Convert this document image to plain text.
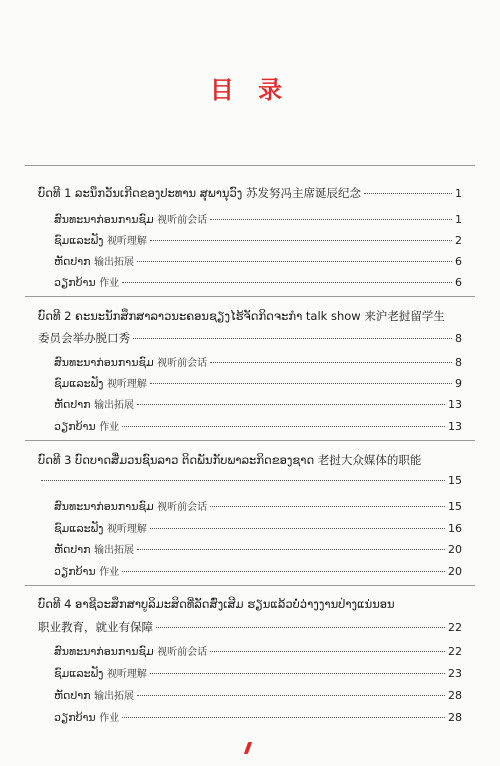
目 录
ບົດທີ 1 ລະນຶກວັນເກີດຂອງປະທານ ສຸພານຸວົງ 苏发努冯主席诞辰纪念	1
ສົນທະນາກ່ອນການຊົມ 视听前会话	1
ຊົມແລະຟັງ 视听理解	2
ຫັດປາກ 输出拓展	6
ວຽກບ້ານ 作业	6
ບົດທີ 2 ຄະນະນັກສຶກສາລາວນະຄອນຊຽງໄຮ້ຈັດກິດຈະກຳ talk show 来沪老挝留学生
委员会举办脱口秀	8
ສົນທະນາກ່ອນການຊົມ 视听前会话	8
ຊົມແລະຟັງ 视听理解	9
ຫັດປາກ 输出拓展	13
ວຽກບ້ານ 作业	13
ບົດທີ 3 ບົດບາດສື່ມວນຊົນລາວ ຕິດພັນກັບພາລະກິດຂອງຊາດ 老挝大众媒体的职能
15
ສົນທະນາກ່ອນການຊົມ 视听前会话	15
ຊົມແລະຟັງ 视听理解	16
ຫັດປາກ 输出拓展	20
ວຽກບ້ານ 作业	20
ບົດທີ 4 ອາຊີວະສຶກສາບູລິມະສິດທີ່ລັດສົ່ງເສີມ ຮຽນແລ້ວບໍ່ວ່າງງານປ່າງແນ່ນອນ
职业教育，就业有保障	22
ສົນທະນາກ່ອນການຊົມ 视听前会话	22
ຊົມແລະຟັງ 视听理解	23
ຫັດປາກ 输出拓展	28
ວຽກບ້ານ 作业	28
